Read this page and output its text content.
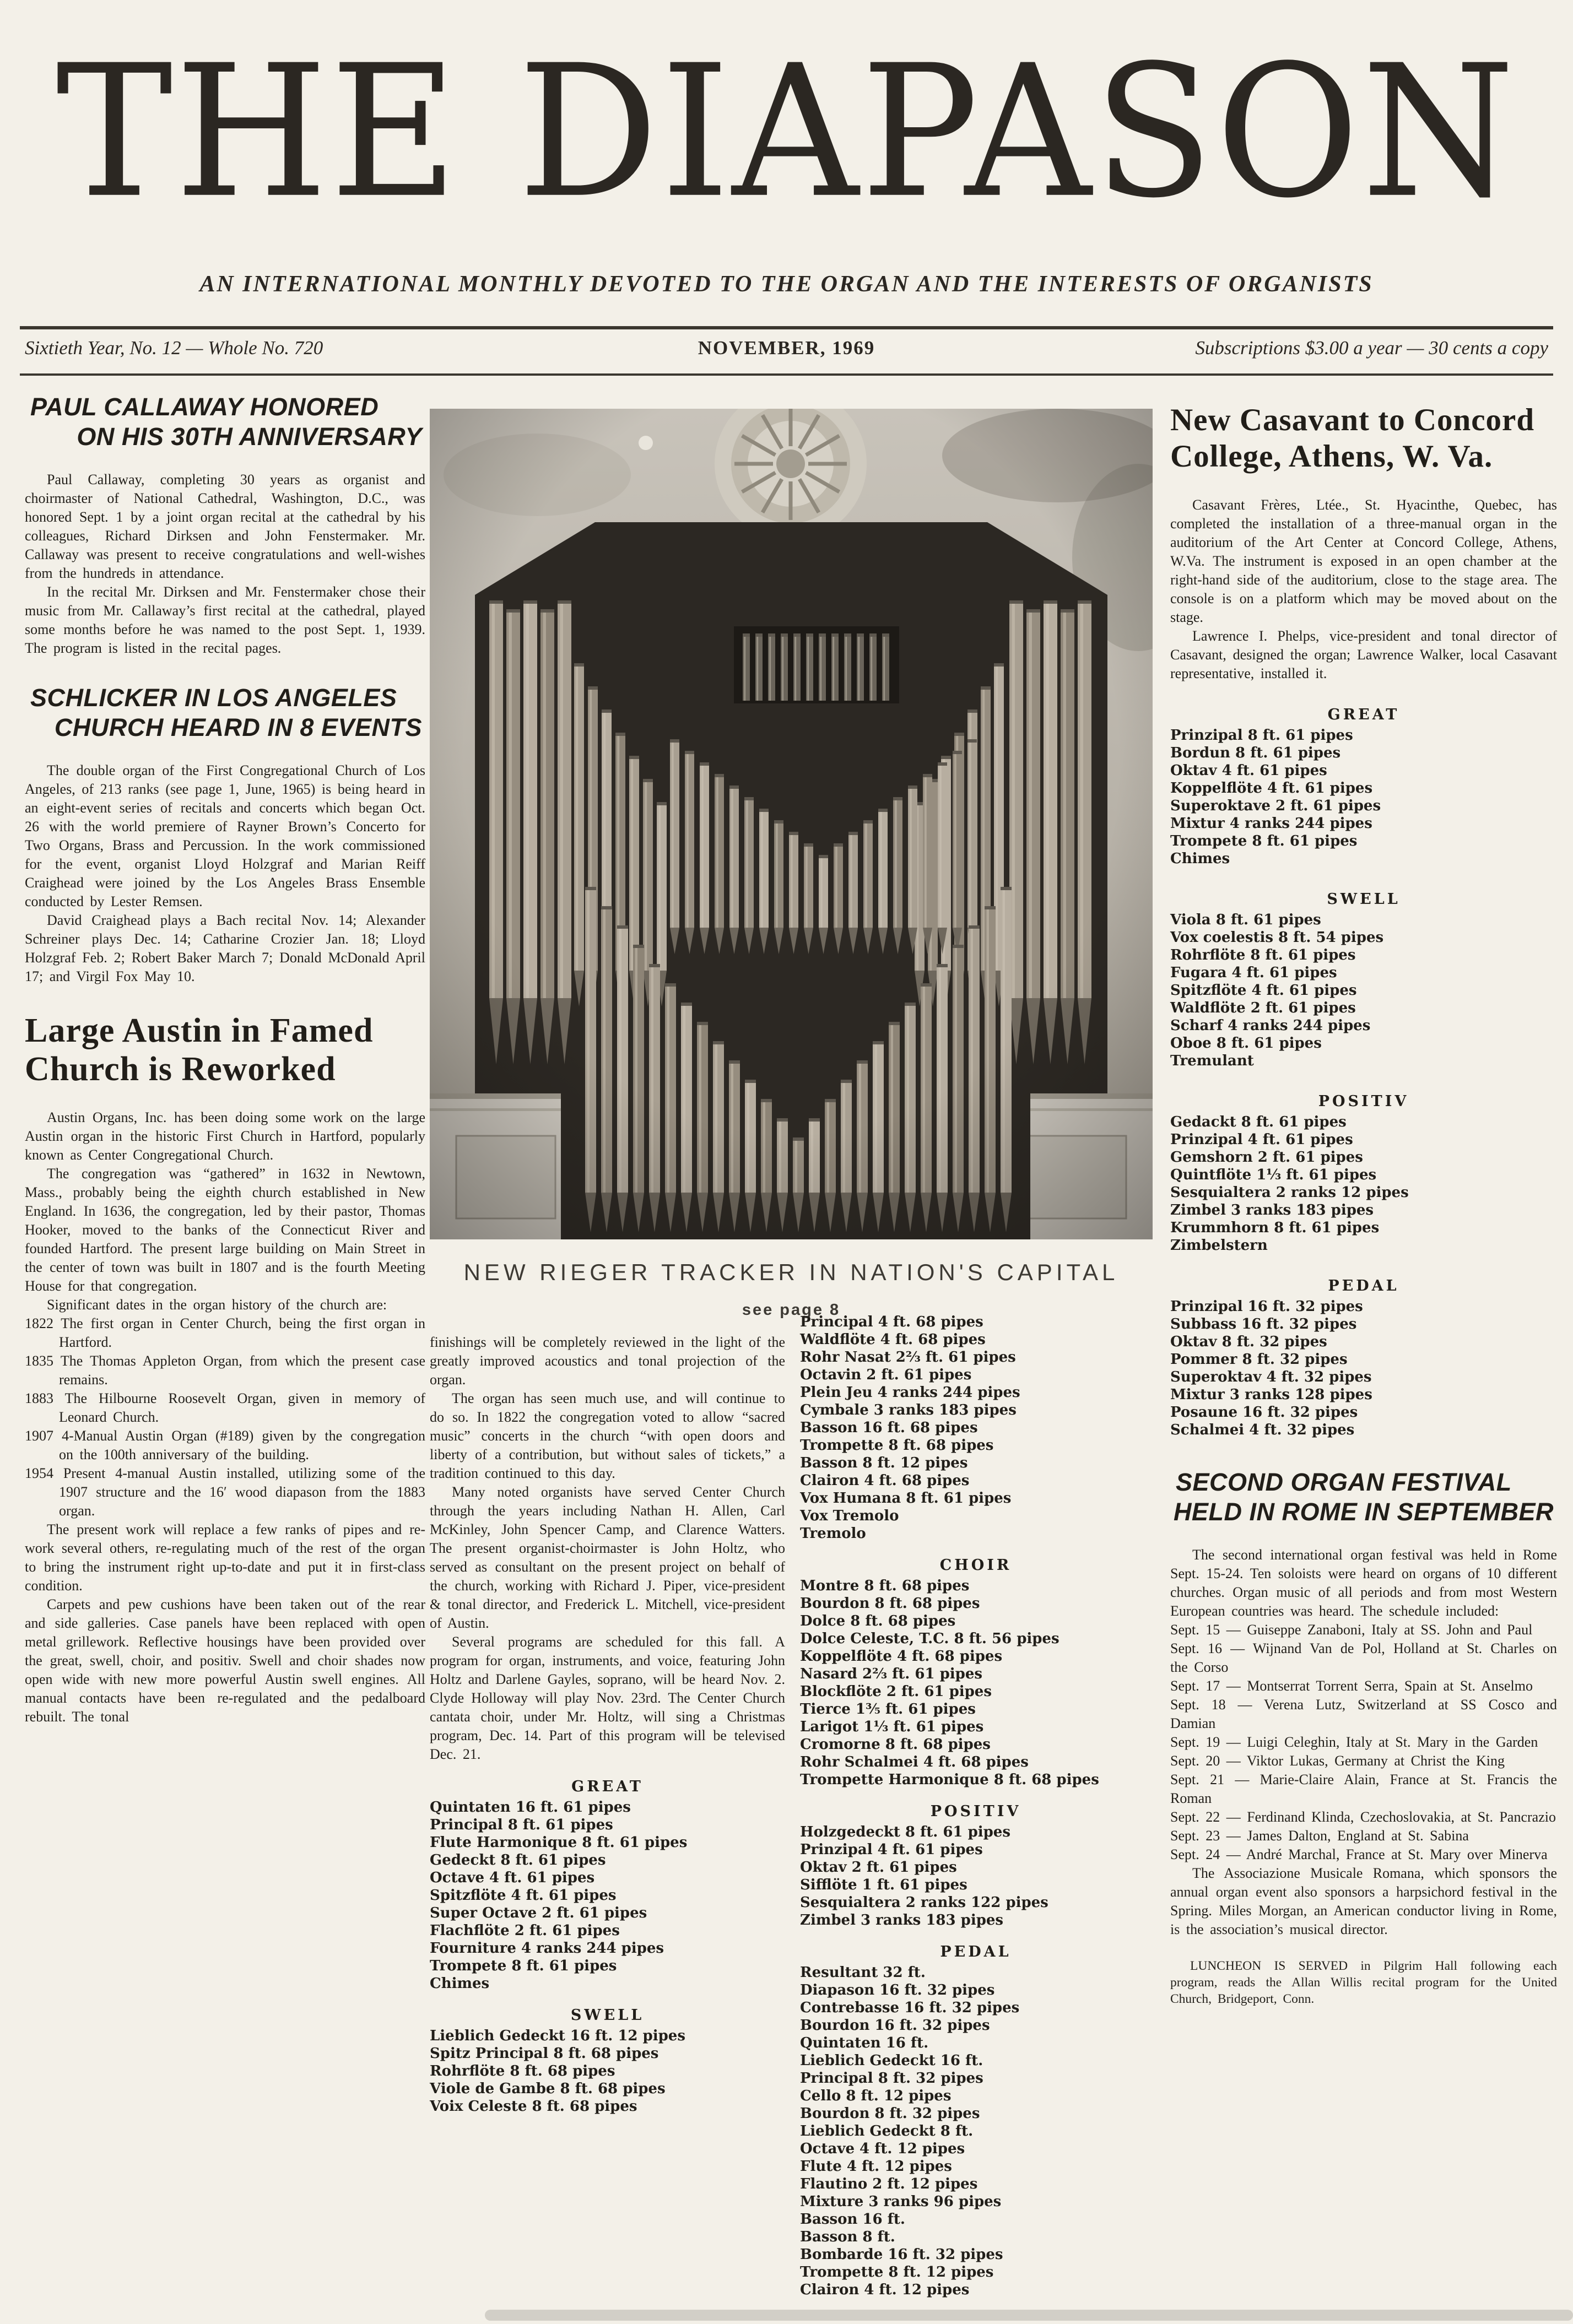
THE DIAPASON
AN INTERNATIONAL MONTHLY DEVOTED TO THE ORGAN AND THE INTERESTS OF ORGANISTS
Sixtieth Year, No. 12 — Whole No. 720	NOVEMBER, 1969	Subscriptions $3.00 a year — 30 cents a copy
PAUL CALLAWAY HONORED
ON HIS 30TH ANNIVERSARY

Paul Callaway, completing 30 years as organist and choirmaster of National Cathedral, Washington, D.C., was honored Sept. 1 by a joint organ recital at the cathedral by his colleagues, Richard Dirksen and John Fenstermaker. Mr. Callaway was present to receive congratulations and well-wishes from the hundreds in attendance.

In the recital Mr. Dirksen and Mr. Fenstermaker chose their music from Mr. Callaway’s first recital at the cathedral, played some months before he was named to the post Sept. 1, 1939. The program is listed in the recital pages.

SCHLICKER IN LOS ANGELES
CHURCH HEARD IN 8 EVENTS

The double organ of the First Congregational Church of Los Angeles, of 213 ranks (see page 1, June, 1965) is being heard in an eight-event series of recitals and concerts which began Oct. 26 with the world premiere of Rayner Brown’s Concerto for Two Organs, Brass and Percussion. In the work commissioned for the event, organist Lloyd Holzgraf and Marian Reiff Craighead were joined by the Los Angeles Brass Ensemble conducted by Lester Remsen.

David Craighead plays a Bach recital Nov. 14; Alexander Schreiner plays Dec. 14; Catharine Crozier Jan. 18; Lloyd Holzgraf Feb. 2; Robert Baker March 7; Donald McDonald April 17; and Virgil Fox May 10.

Large Austin in Famed
Church is Reworked

Austin Organs, Inc. has been doing some work on the large Austin organ in the historic First Church in Hartford, popularly known as Center Congregational Church.

The congregation was “gathered” in 1632 in Newtown, Mass., probably being the eighth church established in New England. In 1636, the congregation, led by their pastor, Thomas Hooker, moved to the banks of the Connecticut River and founded Hartford. The present large building on Main Street in the center of town was built in 1807 and is the fourth Meeting House for that congregation.

Significant dates in the organ history of the church are:

1822 The first organ in Center Church, being the first organ in Hartford.
1835 The Thomas Appleton Organ, from which the present case remains.
1883 The Hilbourne Roosevelt Organ, given in memory of Leonard Church.
1907 4-Manual Austin Organ (#189) given by the congregation on the 100th anniversary of the building.
1954 Present 4-manual Austin installed, utilizing some of the 1907 structure and the 16′ wood diapason from the 1883 organ.

The present work will replace a few ranks of pipes and re-work several others, re-regulating much of the rest of the organ to bring the instrument right up-to-date and put it in first-class condition.

Carpets and pew cushions have been taken out of the rear and side galleries. Case panels have been replaced with open metal grillework. Reflective housings have been provided over the great, swell, choir, and positiv. Swell and choir shades now open wide with new more powerful Austin swell engines. All manual contacts have been re-regulated and the pedalboard rebuilt. The tonal

NEW RIEGER TRACKER IN NATION'S CAPITAL
see page 8

finishings will be completely reviewed in the light of the greatly improved acoustics and tonal projection of the organ.

The organ has seen much use, and will continue to do so. In 1822 the congregation voted to allow “sacred music” concerts in the church “with open doors and liberty of a contribution, but without sales of tickets,” a tradition continued to this day.

Many noted organists have served Center Church through the years including Nathan H. Allen, Carl McKinley, John Spencer Camp, and Clarence Watters. The present organist-choirmaster is John Holtz, who served as consultant on the present project on behalf of the church, working with Richard J. Piper, vice-president & tonal director, and Frederick L. Mitchell, vice-president of Austin.

Several programs are scheduled for this fall. A program for organ, instruments, and voice, featuring John Holtz and Darlene Gayles, soprano, will be heard Nov. 2. Clyde Holloway will play Nov. 23rd. The Center Church cantata choir, under Mr. Holtz, will sing a Christmas program, Dec. 14. Part of this program will be televised Dec. 21.

GREAT
Quintaten 16 ft. 61 pipes
Principal 8 ft. 61 pipes
Flute Harmonique 8 ft. 61 pipes
Gedeckt 8 ft. 61 pipes
Octave 4 ft. 61 pipes
Spitzflöte 4 ft. 61 pipes
Super Octave 2 ft. 61 pipes
Flachflöte 2 ft. 61 pipes
Fourniture 4 ranks 244 pipes
Trompete 8 ft. 61 pipes
Chimes
SWELL
Lieblich Gedeckt 16 ft. 12 pipes
Spitz Principal 8 ft. 68 pipes
Rohrflöte 8 ft. 68 pipes
Viole de Gambe 8 ft. 68 pipes
Voix Celeste 8 ft. 68 pipes
Principal 4 ft. 68 pipes
Waldflöte 4 ft. 68 pipes
Rohr Nasat 2⅔ ft. 61 pipes
Octavin 2 ft. 61 pipes
Plein Jeu 4 ranks 244 pipes
Cymbale 3 ranks 183 pipes
Basson 16 ft. 68 pipes
Trompette 8 ft. 68 pipes
Basson 8 ft. 12 pipes
Clairon 4 ft. 68 pipes
Vox Humana 8 ft. 61 pipes
Vox Tremolo
Tremolo
CHOIR
Montre 8 ft. 68 pipes
Bourdon 8 ft. 68 pipes
Dolce 8 ft. 68 pipes
Dolce Celeste, T.C. 8 ft. 56 pipes
Koppelflöte 4 ft. 68 pipes
Nasard 2⅔ ft. 61 pipes
Blockflöte 2 ft. 61 pipes
Tierce 1⅗ ft. 61 pipes
Larigot 1⅓ ft. 61 pipes
Cromorne 8 ft. 68 pipes
Rohr Schalmei 4 ft. 68 pipes
Trompette Harmonique 8 ft. 68 pipes
POSITIV
Holzgedeckt 8 ft. 61 pipes
Prinzipal 4 ft. 61 pipes
Oktav 2 ft. 61 pipes
Sifflöte 1 ft. 61 pipes
Sesquialtera 2 ranks 122 pipes
Zimbel 3 ranks 183 pipes
PEDAL
Resultant 32 ft.
Diapason 16 ft. 32 pipes
Contrebasse 16 ft. 32 pipes
Bourdon 16 ft. 32 pipes
Quintaten 16 ft.
Lieblich Gedeckt 16 ft.
Principal 8 ft. 32 pipes
Cello 8 ft. 12 pipes
Bourdon 8 ft. 32 pipes
Lieblich Gedeckt 8 ft.
Octave 4 ft. 12 pipes
Flute 4 ft. 12 pipes
Flautino 2 ft. 12 pipes
Mixture 3 ranks 96 pipes
Basson 16 ft.
Basson 8 ft.
Bombarde 16 ft. 32 pipes
Trompette 8 ft. 12 pipes
Clairon 4 ft. 12 pipes
New Casavant to Concord
College, Athens, W. Va.

Casavant Frères, Ltée., St. Hyacinthe, Quebec, has completed the installation of a three-manual organ in the auditorium of the Art Center at Concord College, Athens, W.Va. The instrument is exposed in an open chamber at the right-hand side of the auditorium, close to the stage area. The console is on a platform which may be moved about on the stage.

Lawrence I. Phelps, vice-president and tonal director of Casavant, designed the organ; Lawrence Walker, local Casavant representative, installed it.

GREAT
Prinzipal 8 ft. 61 pipes
Bordun 8 ft. 61 pipes
Oktav 4 ft. 61 pipes
Koppelflöte 4 ft. 61 pipes
Superoktave 2 ft. 61 pipes
Mixtur 4 ranks 244 pipes
Trompete 8 ft. 61 pipes
Chimes
SWELL
Viola 8 ft. 61 pipes
Vox coelestis 8 ft. 54 pipes
Rohrflöte 8 ft. 61 pipes
Fugara 4 ft. 61 pipes
Spitzflöte 4 ft. 61 pipes
Waldflöte 2 ft. 61 pipes
Scharf 4 ranks 244 pipes
Oboe 8 ft. 61 pipes
Tremulant
POSITIV
Gedackt 8 ft. 61 pipes
Prinzipal 4 ft. 61 pipes
Gemshorn 2 ft. 61 pipes
Quintflöte 1⅓ ft. 61 pipes
Sesquialtera 2 ranks 12 pipes
Zimbel 3 ranks 183 pipes
Krummhorn 8 ft. 61 pipes
Zimbelstern
PEDAL
Prinzipal 16 ft. 32 pipes
Subbass 16 ft. 32 pipes
Oktav 8 ft. 32 pipes
Pommer 8 ft. 32 pipes
Superoktav 4 ft. 32 pipes
Mixtur 3 ranks 128 pipes
Posaune 16 ft. 32 pipes
Schalmei 4 ft. 32 pipes
SECOND ORGAN FESTIVAL
HELD IN ROME IN SEPTEMBER

The second international organ festival was held in Rome Sept. 15-24. Ten soloists were heard on organs of 10 different churches. Organ music of all periods and from most Western European countries was heard. The schedule included:

Sept. 15 — Guiseppe Zanaboni, Italy at SS. John and Paul

Sept. 16 — Wijnand Van de Pol, Holland at St. Charles on the Corso

Sept. 17 — Montserrat Torrent Serra, Spain at St. Anselmo

Sept. 18 — Verena Lutz, Switzerland at SS Cosco and Damian

Sept. 19 — Luigi Celeghin, Italy at St. Mary in the Garden

Sept. 20 — Viktor Lukas, Germany at Christ the King

Sept. 21 — Marie-Claire Alain, France at St. Francis the Roman

Sept. 22 — Ferdinand Klinda, Czechoslovakia, at St. Pancrazio

Sept. 23 — James Dalton, England at St. Sabina

Sept. 24 — André Marchal, France at St. Mary over Minerva

The Associazione Musicale Romana, which sponsors the annual organ event also sponsors a harpsichord festival in the Spring. Miles Morgan, an American conductor living in Rome, is the association’s musical director.

LUNCHEON IS SERVED in Pilgrim Hall following each program, reads the Allan Willis recital program for the United Church, Bridgeport, Conn.
